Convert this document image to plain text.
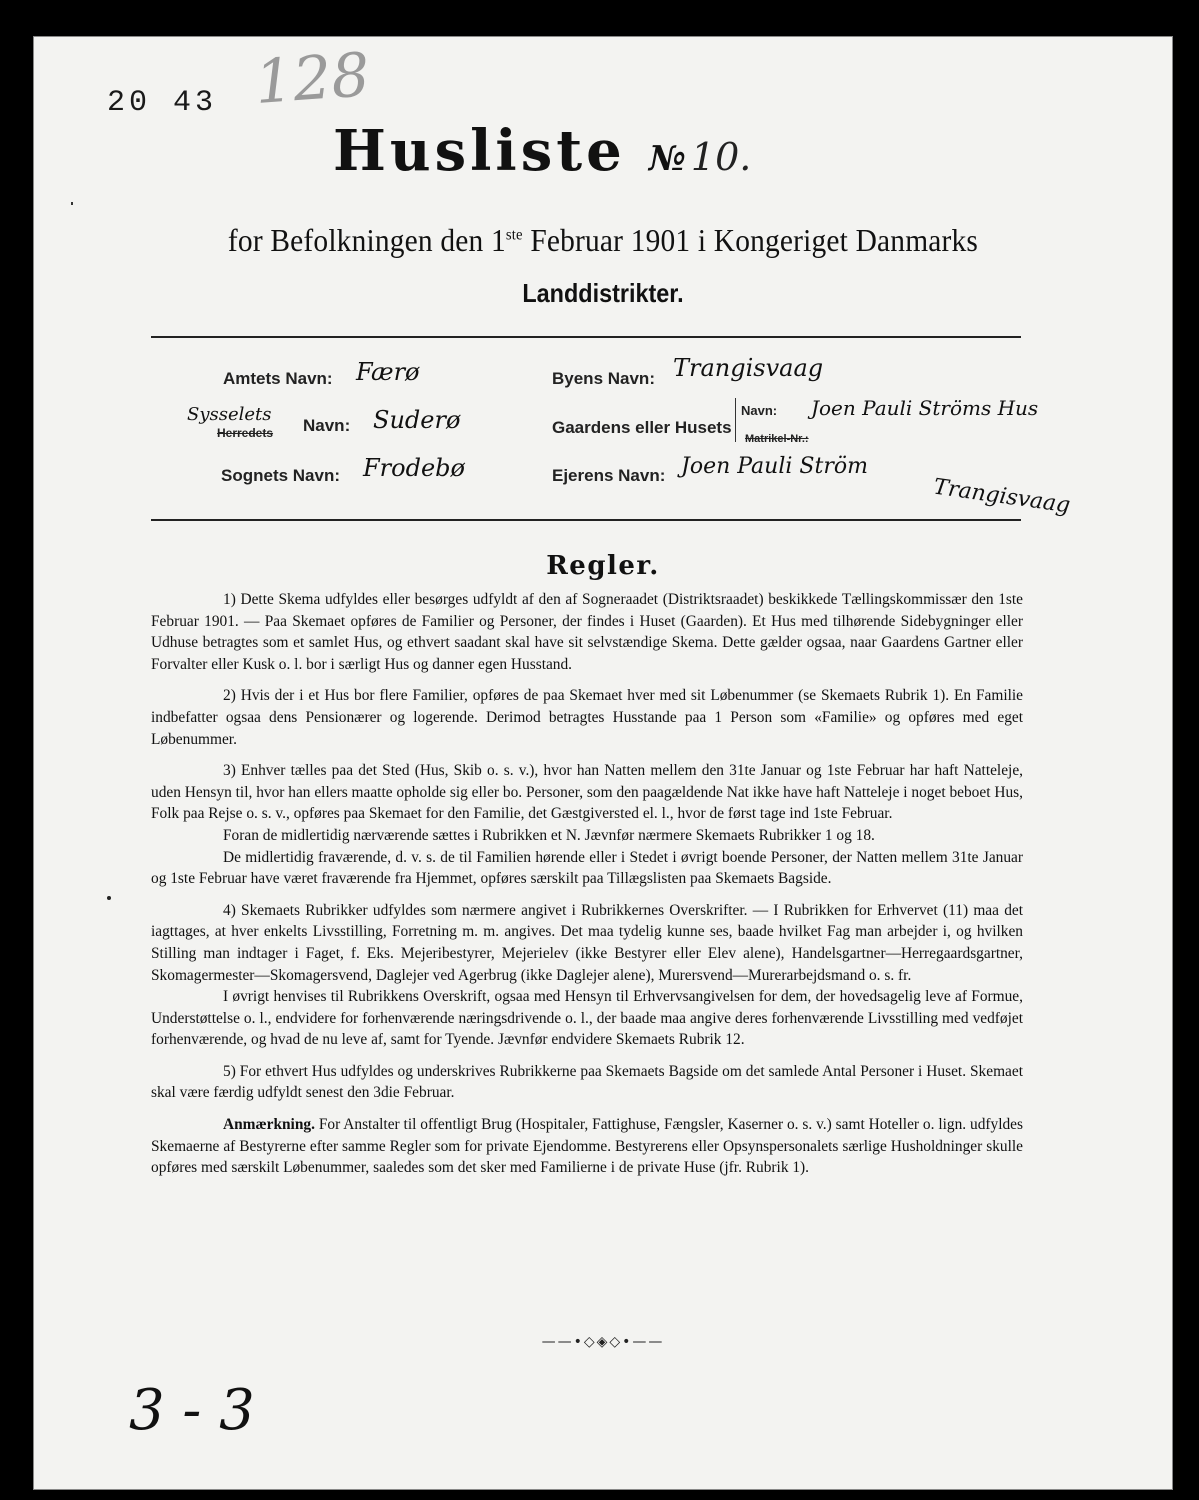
20 43 128
Husliste № 10.
for Befolkningen den 1ste Februar 1901 i Kongeriget Danmarks
Landdistrikter.
Amtets Navn: Færø
Sysselets
Herredets Navn: Suderø
Sognets Navn: Frodebø
Byens Navn: Trangisvaag
Gaardens eller Husets
Navn:
Matrikel-Nr.:
Joen Pauli Ströms Hus
Ejerens Navn: Joen Pauli Ström
Trangisvaag
Regler.

1) Dette Skema udfyldes eller besørges udfyldt af den af Sogneraadet (Distriktsraadet) beskikkede Tællingskommissær den 1ste Februar 1901. — Paa Skemaet opføres de Familier og Personer, der findes i Huset (Gaarden). Et Hus med tilhørende Sidebygninger eller Udhuse betragtes som et samlet Hus, og ethvert saadant skal have sit selvstændige Skema. Dette gælder ogsaa, naar Gaardens Gartner eller Forvalter eller Kusk o. l. bor i særligt Hus og danner egen Husstand.

2) Hvis der i et Hus bor flere Familier, opføres de paa Skemaet hver med sit Løbenummer (se Skemaets Rubrik 1). En Familie indbefatter ogsaa dens Pensionærer og logerende. Derimod betragtes Husstande paa 1 Person som «Familie» og opføres med eget Løbenummer.

3) Enhver tælles paa det Sted (Hus, Skib o. s. v.), hvor han Natten mellem den 31te Januar og 1ste Februar har haft Natteleje, uden Hensyn til, hvor han ellers maatte opholde sig eller bo. Personer, som den paagældende Nat ikke have haft Natteleje i noget beboet Hus, Folk paa Rejse o. s. v., opføres paa Skemaet for den Familie, det Gæstgiversted el. l., hvor de først tage ind 1ste Februar.

Foran de midlertidig nærværende sættes i Rubrikken et N. Jævnfør nærmere Skemaets Rubrikker 1 og 18.

De midlertidig fraværende, d. v. s. de til Familien hørende eller i Stedet i øvrigt boende Personer, der Natten mellem 31te Januar og 1ste Februar have været fraværende fra Hjemmet, opføres særskilt paa Tillægslisten paa Skemaets Bagside.

4) Skemaets Rubrikker udfyldes som nærmere angivet i Rubrikkernes Overskrifter. — I Rubrikken for Erhvervet (11) maa det iagttages, at hver enkelts Livsstilling, Forretning m. m. angives. Det maa tydelig kunne ses, baade hvilket Fag man arbejder i, og hvilken Stilling man indtager i Faget, f. Eks. Mejeribestyrer, Mejerielev (ikke Bestyrer eller Elev alene), Handelsgartner—Herregaardsgartner, Skomagermester—Skomagersvend, Daglejer ved Agerbrug (ikke Daglejer alene), Murersvend—Murerarbejdsmand o. s. fr.

I øvrigt henvises til Rubrikkens Overskrift, ogsaa med Hensyn til Erhvervsangivelsen for dem, der hovedsagelig leve af Formue, Understøttelse o. l., endvidere for forhenværende næringsdrivende o. l., der baade maa angive deres forhenværende Livsstilling med vedføjet forhenværende, og hvad de nu leve af, samt for Tyende. Jævnfør endvidere Skemaets Rubrik 12.

5) For ethvert Hus udfyldes og underskrives Rubrikkerne paa Skemaets Bagside om det samlede Antal Personer i Huset. Skemaet skal være færdig udfyldt senest den 3die Februar.

Anmærkning. For Anstalter til offentligt Brug (Hospitaler, Fattighuse, Fængsler, Kaserner o. s. v.) samt Hoteller o. lign. udfyldes Skemaerne af Bestyrerne efter samme Regler som for private Ejendomme. Bestyrerens eller Opsynspersonalets særlige Husholdninger skulle opføres med særskilt Løbenummer, saaledes som det sker med Familierne i de private Huse (jfr. Rubrik 1).

——•◇◈◇•——
3 - 3
